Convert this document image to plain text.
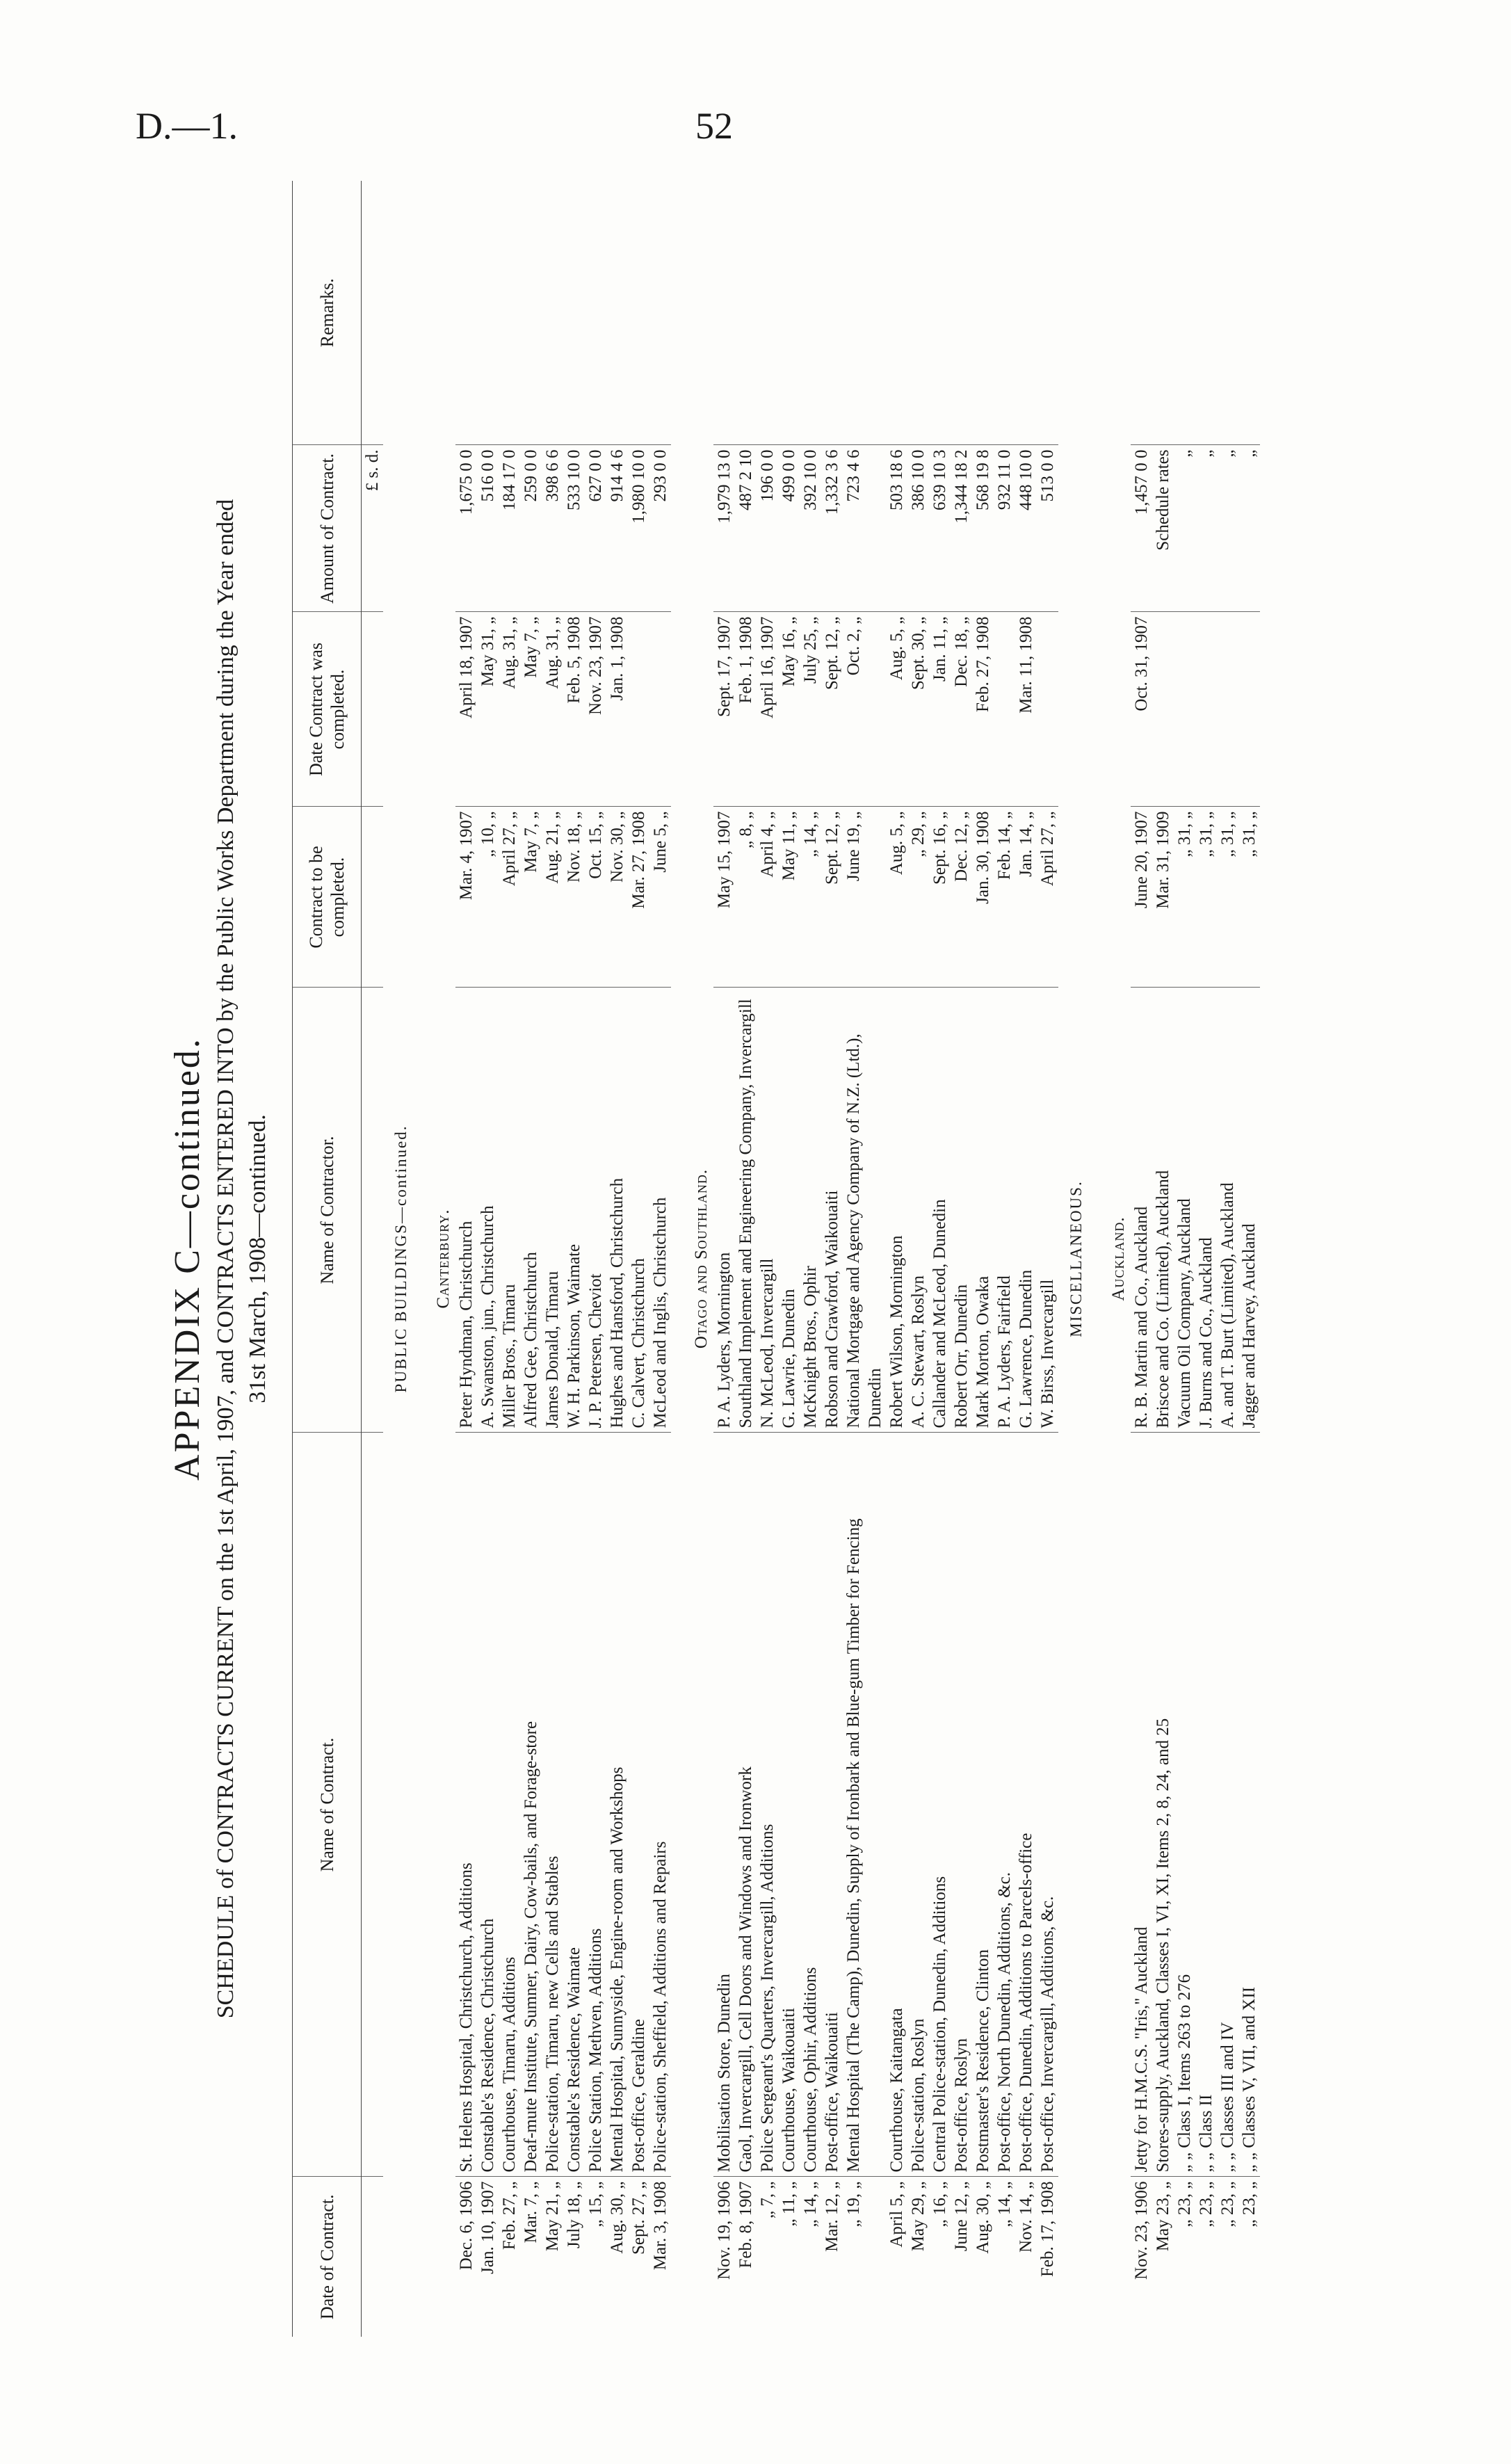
D.—1.	52
APPENDIX C—continued. SCHEDULE of CONTRACTS CURRENT on the 1st April, 1907, and CONTRACTS ENTERED INTO by the Public Works Department during the Year ended 31st March, 1908—continued.
Date of Contract.	Name of Contract.	Name of Contractor.	Contract to be completed.	Date Contract was completed.	Amount of Contract.	Remarks.
					£ s. d.	
PUBLIC BUILDINGS—continued.						

Canterbury.						
Dec. 6, 1906	St. Helens Hospital, Christchurch, Additions	Peter Hyndman, Christchurch	Mar. 4, 1907	April 18, 1907	1,675 0 0	
Jan. 10, 1907	Constable's Residence, Christchurch	A. Swanston, jun., Christchurch	„ 10, „	May 31, „	516 0 0	
Feb. 27, „	Courthouse, Timaru, Additions	Miller Bros., Timaru	April 27, „	Aug. 31, „	184 17 0	
Mar. 7, „	Deaf-mute Institute, Sumner, Dairy, Cow-bails, and Forage-store	Alfred Gee, Christchurch	May 7, „	May 7, „	259 0 0	
May 21, „	Police-station, Timaru, new Cells and Stables	James Donald, Timaru	Aug. 21, „	Aug. 31, „	398 6 6	
July 18, „	Constable's Residence, Waimate	W. H. Parkinson, Waimate	Nov. 18, „	Feb. 5, 1908	533 10 0	
„ 15, „	Police Station, Methven, Additions	J. P. Petersen, Cheviot	Oct. 15, „	Nov. 23, 1907	627 0 0	
Aug. 30, „	Mental Hospital, Sunnyside, Engine-room and Workshops	Hughes and Hansford, Christchurch	Nov. 30, „	Jan. 1, 1908	914 4 6	
Sept. 27, „	Post-office, Geraldine	C. Calvert, Christchurch	Mar. 27, 1908		1,980 10 0	
Mar. 3, 1908	Police-station, Sheffield, Additions and Repairs	McLeod and Inglis, Christchurch	June 5, „		293 0 0	

Otago and Southland.						
Nov. 19, 1906	Mobilisation Store, Dunedin	P. A. Lyders, Mornington	May 15, 1907	Sept. 17, 1907	1,979 13 0	
Feb. 8, 1907	Gaol, Invercargill, Cell Doors and Windows and Ironwork	Southland Implement and Engineering Company, Invercargill	„ 8, „	Feb. 1, 1908	487 2 10	
„ 7, „	Police Sergeant's Quarters, Invercargill, Additions	N. McLeod, Invercargill	April 4, „	April 16, 1907	196 0 0	
„ 11, „	Courthouse, Waikouaiti	G. Lawrie, Dunedin	May 11, „	May 16, „	499 0 0	
„ 14, „	Courthouse, Ophir, Additions	McKnight Bros., Ophir	„ 14, „	July 25, „	392 10 0	
Mar. 12, „	Post-office, Waikouaiti	Robson and Crawford, Waikouaiti	Sept. 12, „	Sept. 12, „	1,332 3 6	
„ 19, „	Mental Hospital (The Camp), Dunedin, Supply of Ironbark and Blue-gum Timber for Fencing	National Mortgage and Agency Company of N.Z. (Ltd.), Dunedin	June 19, „	Oct. 2, „	723 4 6	
April 5, „	Courthouse, Kaitangata	Robert Wilson, Mornington	Aug. 5, „	Aug. 5, „	503 18 6	
May 29, „	Police-station, Roslyn	A. C. Stewart, Roslyn	„ 29, „	Sept. 30, „	386 10 0	
„ 16, „	Central Police-station, Dunedin, Additions	Callander and McLeod, Dunedin	Sept. 16, „	Jan. 11, „	639 10 3	
June 12, „	Post-office, Roslyn	Robert Orr, Dunedin	Dec. 12, „	Dec. 18, „	1,344 18 2	
Aug. 30, „	Postmaster's Residence, Clinton	Mark Morton, Owaka	Jan. 30, 1908	Feb. 27, 1908	568 19 8	
„ 14, „	Post-office, North Dunedin, Additions, &c.	P. A. Lyders, Fairfield	Feb. 14, „		932 11 0	
Nov. 14, „	Post-office, Dunedin, Additions to Parcels-office	G. Lawrence, Dunedin	Jan. 14, „	Mar. 11, 1908	448 10 0	
Feb. 17, 1908	Post-office, Invercargill, Additions, &c.	W. Birss, Invercargill	April 27, „		513 0 0	
MISCELLANEOUS.						

Auckland.						
Nov. 23, 1906	Jetty for H.M.C.S. "Iris," Auckland	R. B. Martin and Co., Auckland	June 20, 1907	Oct. 31, 1907	1,457 0 0	
May 23, „	Stores-supply, Auckland, Classes I, VI, XI, Items 2, 8, 24, and 25	Briscoe and Co. (Limited), Auckland	Mar. 31, 1909		Schedule rates	
„ 23, „	„ „ Class I, Items 263 to 276	Vacuum Oil Company, Auckland	„ 31, „		„	
„ 23, „	„ „ Class II	J. Burns and Co., Auckland	„ 31, „		„	
„ 23, „	„ „ Classes III and IV	A. and T. Burt (Limited), Auckland	„ 31, „		„	
„ 23, „	„ „ Classes V, VII, and XII	Jagger and Harvey, Auckland	„ 31, „		„	
